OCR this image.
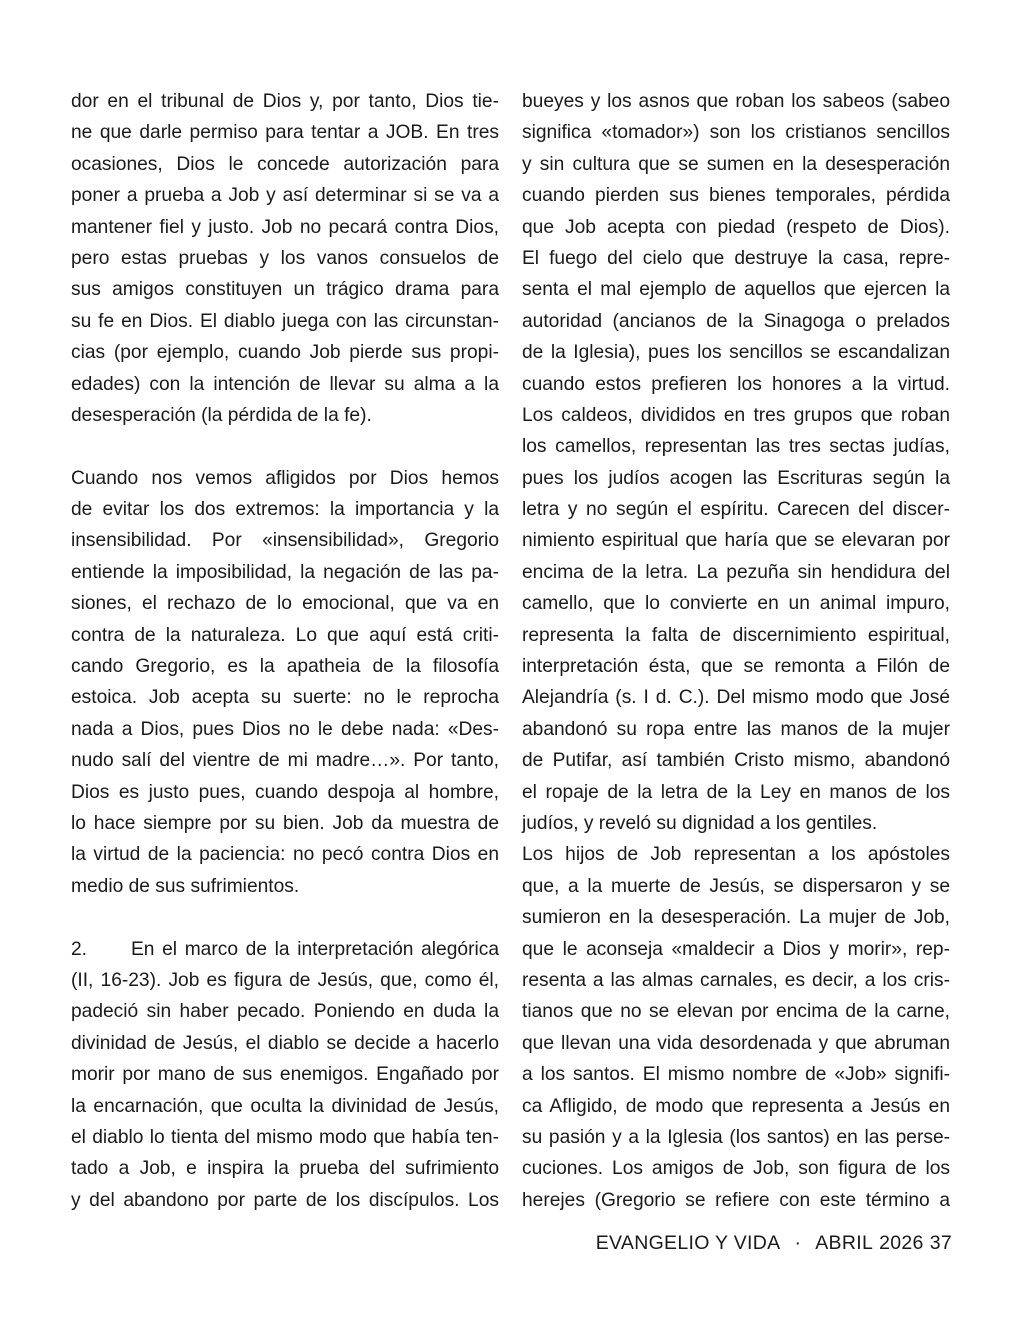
dor en el tribunal de Dios y, por tanto, Dios tie-
ne que darle permiso para tentar a JOB. En tres
ocasiones, Dios le concede autorización para
poner a prueba a Job y así determinar si se va a
mantener fiel y justo. Job no pecará contra Dios,
pero estas pruebas y los vanos consuelos de
sus amigos constituyen un trágico drama para
su fe en Dios. El diablo juega con las circunstan-
cias (por ejemplo, cuando Job pierde sus propi-
edades) con la intención de llevar su alma a la
desesperación (la pérdida de la fe).
Cuando nos vemos afligidos por Dios hemos
de evitar los dos extremos: la importancia y la
insensibilidad. Por «insensibilidad», Gregorio
entiende la imposibilidad, la negación de las pa-
siones, el rechazo de lo emocional, que va en
contra de la naturaleza. Lo que aquí está criti-
cando Gregorio, es la apatheia de la filosofía
estoica. Job acepta su suerte: no le reprocha
nada a Dios, pues Dios no le debe nada: «Des-
nudo salí del vientre de mi madre…». Por tanto,
Dios es justo pues, cuando despoja al hombre,
lo hace siempre por su bien. Job da muestra de
la virtud de la paciencia: no pecó contra Dios en
medio de sus sufrimientos.
2. En el marco de la interpretación alegórica
(II, 16-23). Job es figura de Jesús, que, como él,
padeció sin haber pecado. Poniendo en duda la
divinidad de Jesús, el diablo se decide a hacerlo
morir por mano de sus enemigos. Engañado por
la encarnación, que oculta la divinidad de Jesús,
el diablo lo tienta del mismo modo que había ten-
tado a Job, e inspira la prueba del sufrimiento
y del abandono por parte de los discípulos. Los
bueyes y los asnos que roban los sabeos (sabeo
significa «tomador») son los cristianos sencillos
y sin cultura que se sumen en la desesperación
cuando pierden sus bienes temporales, pérdida
que Job acepta con piedad (respeto de Dios).
El fuego del cielo que destruye la casa, repre-
senta el mal ejemplo de aquellos que ejercen la
autoridad (ancianos de la Sinagoga o prelados
de la Iglesia), pues los sencillos se escandalizan
cuando estos prefieren los honores a la virtud.
Los caldeos, divididos en tres grupos que roban
los camellos, representan las tres sectas judías,
pues los judíos acogen las Escrituras según la
letra y no según el espíritu. Carecen del discer-
nimiento espiritual que haría que se elevaran por
encima de la letra. La pezuña sin hendidura del
camello, que lo convierte en un animal impuro,
representa la falta de discernimiento espiritual,
interpretación ésta, que se remonta a Filón de
Alejandría (s. I d. C.). Del mismo modo que José
abandonó su ropa entre las manos de la mujer
de Putifar, así también Cristo mismo, abandonó
el ropaje de la letra de la Ley en manos de los
judíos, y reveló su dignidad a los gentiles.
Los hijos de Job representan a los apóstoles
que, a la muerte de Jesús, se dispersaron y se
sumieron en la desesperación. La mujer de Job,
que le aconseja «maldecir a Dios y morir», rep-
resenta a las almas carnales, es decir, a los cris-
tianos que no se elevan por encima de la carne,
que llevan una vida desordenada y que abruman
a los santos. El mismo nombre de «Job» signifi-
ca Afligido, de modo que representa a Jesús en
su pasión y a la Iglesia (los santos) en las perse-
cuciones. Los amigos de Job, son figura de los
herejes (Gregorio se refiere con este término a
EVANGELIO Y VIDA · ABRIL 2026 37
